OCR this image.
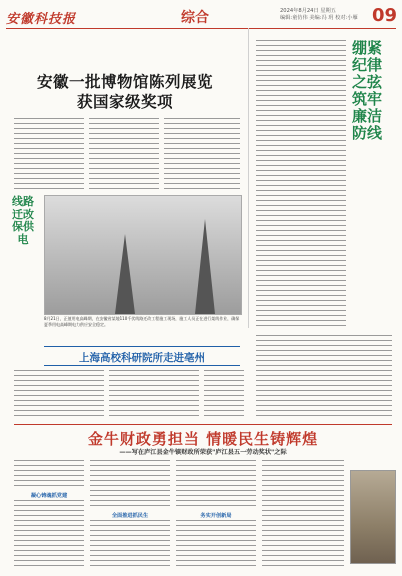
安徽科技报	综合	2024年8月24日 星期五
编辑:童仿伟 美编:冯 玥 校对:小雁 09
安徽一批博物馆陈列展览
获国家级奖项
线路迁改保供电
8月21日，正值用电高峰期，在安徽省某地110千伏线路迁改工程施工现场，施工人员正在进行架线作业，确保夏季用电高峰期电力供应安全稳定。
上海高校科研院所走进亳州
绷紧纪律之弦 筑牢廉洁防线
金牛财政勇担当 情暖民生铸辉煌
——写在庐江县金牛镇财政所荣获"庐江县五一劳动奖状"之际
凝心铸魂抓党建
全面推进抓民生	务实开创新局
